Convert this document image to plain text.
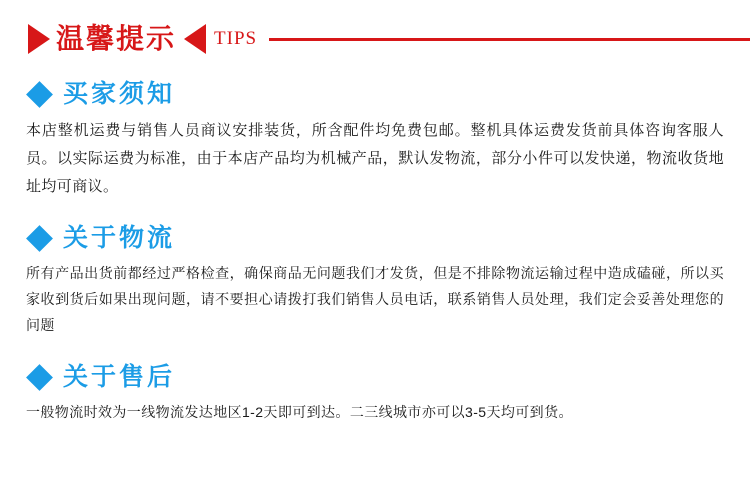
温馨提示 TIPS
买家须知

本店整机运费与销售人员商议安排装货，所含配件均免费包邮。整机具体运费发货前具体咨询客服人员。以实际运费为标准，由于本店产品均为机械产品，默认发物流，部分小件可以发快递，物流收货地址均可商议。

关于物流

所有产品出货前都经过严格检查，确保商品无问题我们才发货，但是不排除物流运输过程中造成磕碰，所以买家收到货后如果出现问题，请不要担心请拨打我们销售人员电话，联系销售人员处理，我们定会妥善处理您的问题

关于售后

一般物流时效为一线物流发达地区1-2天即可到达。二三线城市亦可以3-5天均可到货。
